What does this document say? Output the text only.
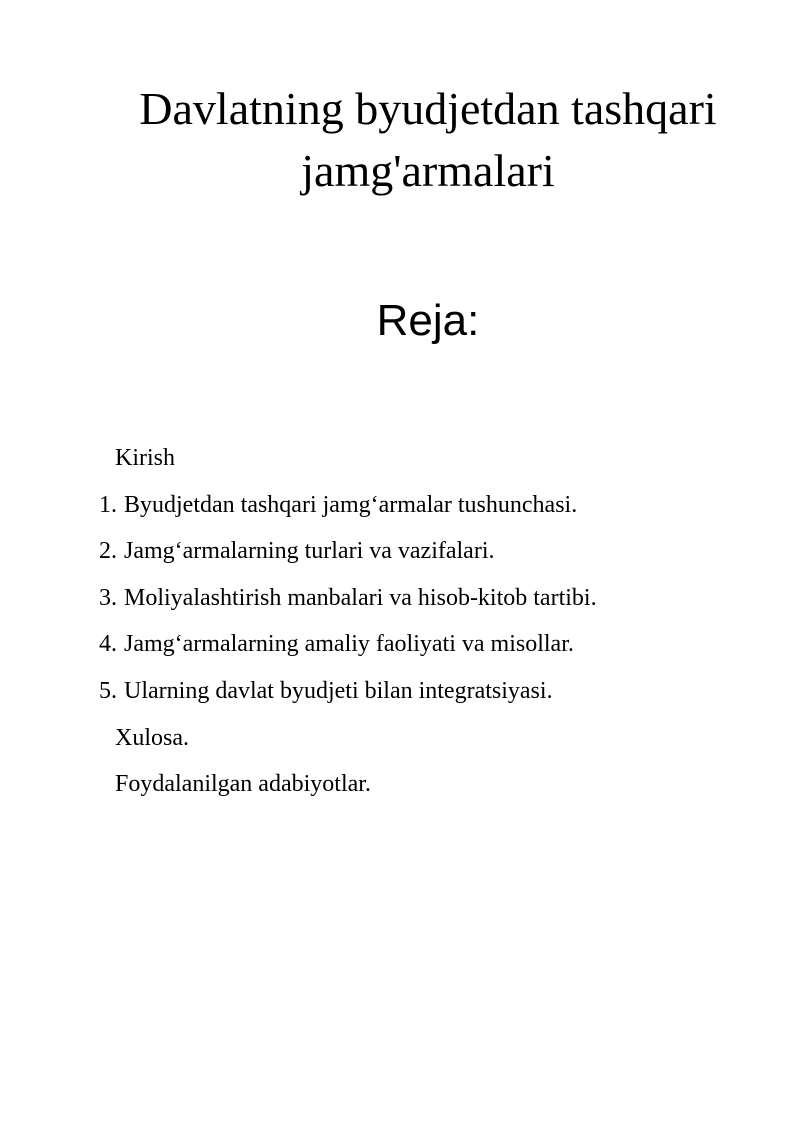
Davlatning byudjetdan tashqari jamg'armalari
Reja:
Kirish
1. Byudjetdan tashqari jamg‘armalar tushunchasi.
2. Jamg‘armalarning turlari va vazifalari.
3. Moliyalashtirish manbalari va hisob-kitob tartibi.
4. Jamg‘armalarning amaliy faoliyati va misollar.
5. Ularning davlat byudjeti bilan integratsiyasi.
Xulosa.
Foydalanilgan adabiyotlar.
